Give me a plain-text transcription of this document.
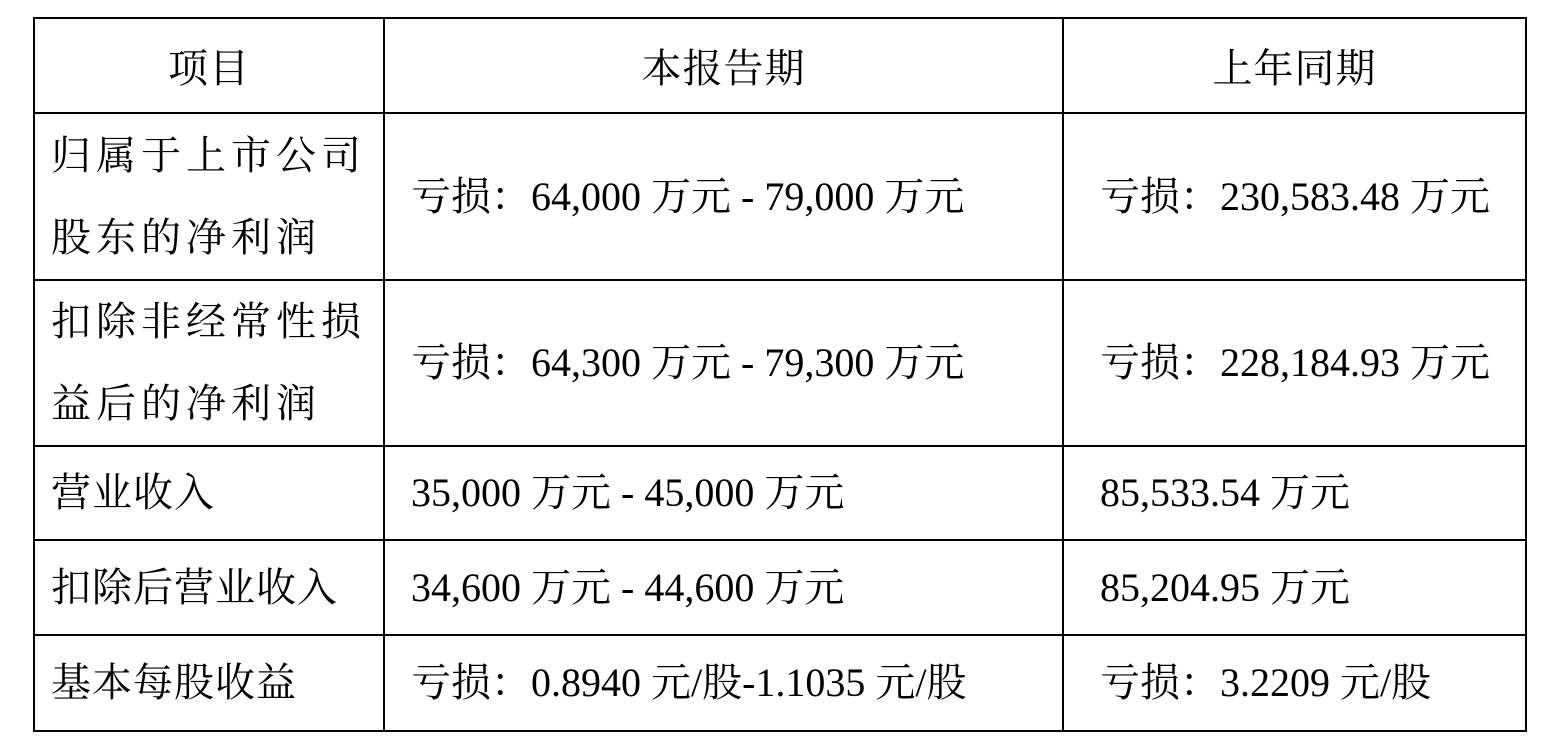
项目	本报告期	上年同期
归属于上市公司股东的净利润	亏损：64,000 万元 - 79,000 万元	亏损：230,583.48 万元
扣除非经常性损益后的净利润	亏损：64,300 万元 - 79,300 万元	亏损：228,184.93 万元
营业收入	35,000 万元 - 45,000 万元	85,533.54 万元
扣除后营业收入	34,600 万元 - 44,600 万元	85,204.95 万元
基本每股收益	亏损：0.8940 元/股-1.1035 元/股	亏损：3.2209 元/股
